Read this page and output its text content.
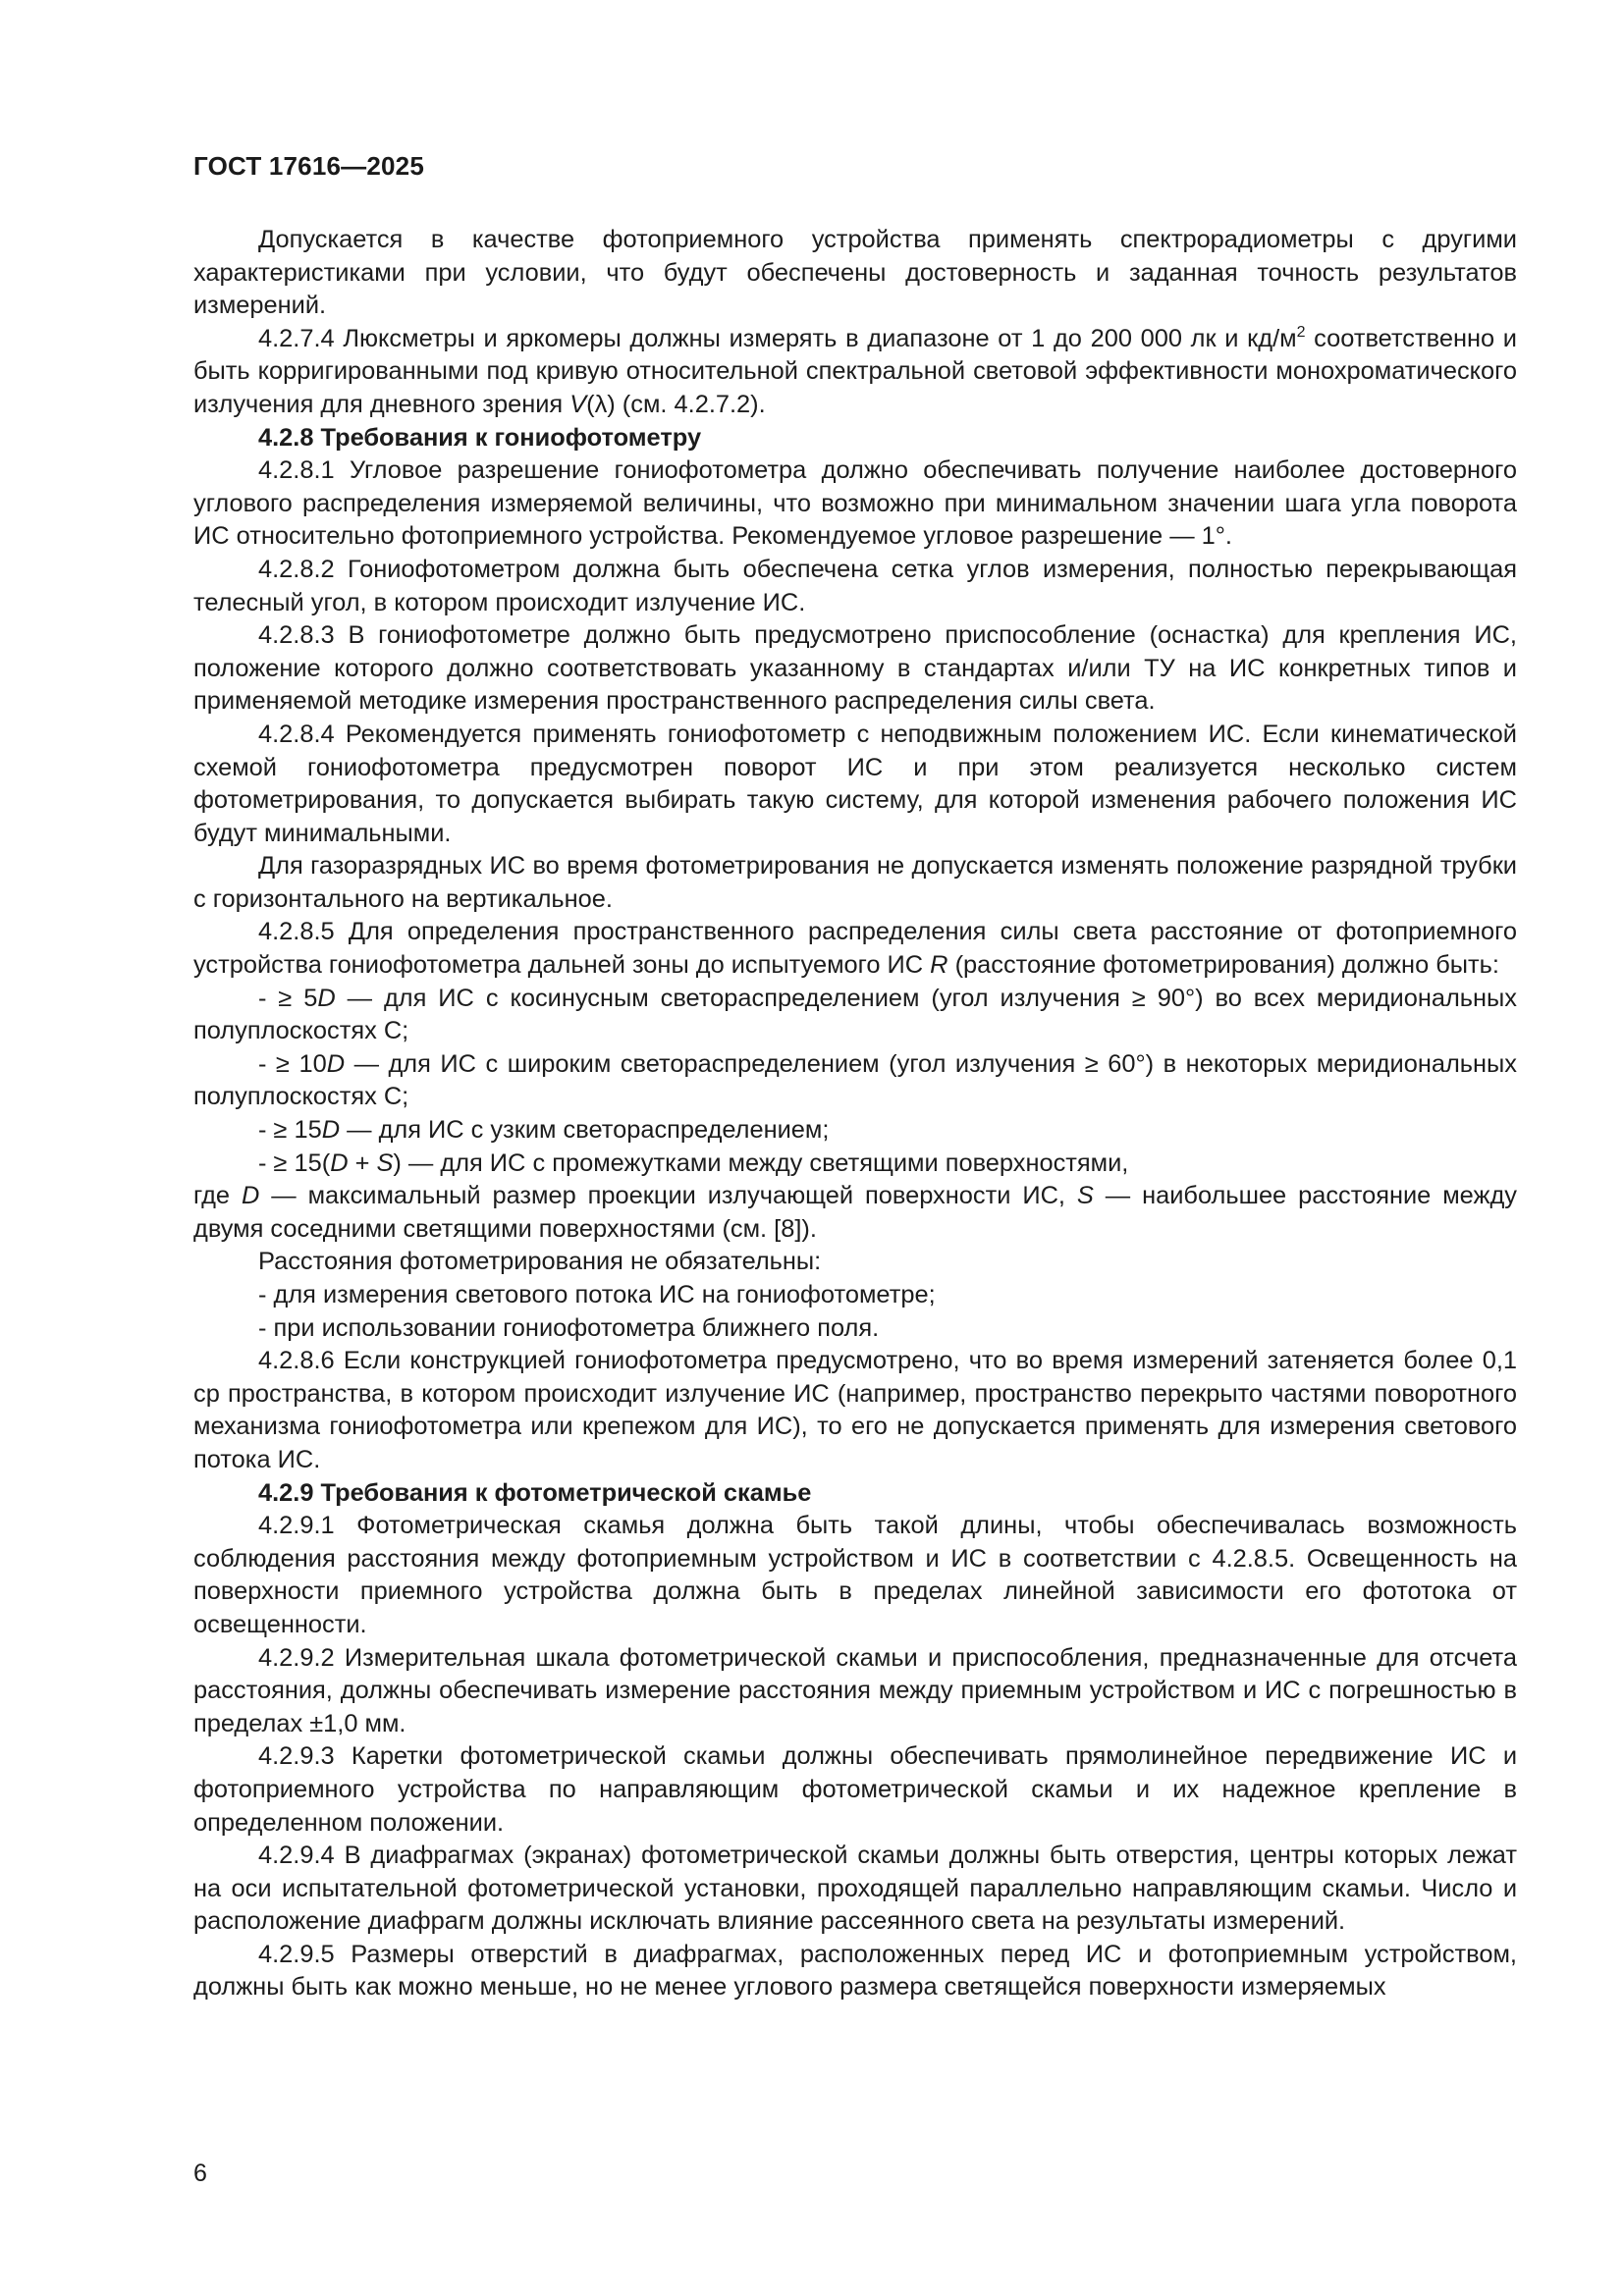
ГОСТ 17616—2025

Допускается в качестве фотоприемного устройства применять спектрорадиометры с другими характеристиками при условии, что будут обеспечены достоверность и заданная точность результатов измерений.

4.2.7.4 Люксметры и яркомеры должны измерять в диапазоне от 1 до 200 000 лк и $кд/м^2$ соответственно и быть корригированными под кривую относительной спектральной световой эффективности монохроматического излучения для дневного зрения V(λ) (см. 4.2.7.2).

4.2.8 Требования к гониофотометру

4.2.8.1 Угловое разрешение гониофотометра должно обеспечивать получение наиболее достоверного углового распределения измеряемой величины, что возможно при минимальном значении шага угла поворота ИС относительно фотоприемного устройства. Рекомендуемое угловое разрешение — 1°.

4.2.8.2 Гониофотометром должна быть обеспечена сетка углов измерения, полностью перекрывающая телесный угол, в котором происходит излучение ИС.

4.2.8.3 В гониофотометре должно быть предусмотрено приспособление (оснастка) для крепления ИС, положение которого должно соответствовать указанному в стандартах и/или ТУ на ИС конкретных типов и применяемой методике измерения пространственного распределения силы света.

4.2.8.4 Рекомендуется применять гониофотометр с неподвижным положением ИС. Если кинематической схемой гониофотометра предусмотрен поворот ИС и при этом реализуется несколько систем фотометрирования, то допускается выбирать такую систему, для которой изменения рабочего положения ИС будут минимальными.

Для газоразрядных ИС во время фотометрирования не допускается изменять положение разрядной трубки с горизонтального на вертикальное.

4.2.8.5 Для определения пространственного распределения силы света расстояние от фотоприемного устройства гониофотометра дальней зоны до испытуемого ИС R (расстояние фотометрирования) должно быть:

- ≥ 5D — для ИС с косинусным светораспределением (угол излучения ≥ 90°) во всех меридиональных полуплоскостях С;

- ≥ 10D — для ИС с широким светораспределением (угол излучения ≥ 60°) в некоторых меридиональных полуплоскостях С;

- ≥ 15D — для ИС с узким светораспределением;

- ≥ 15(D + S) — для ИС с промежутками между светящими поверхностями,

где D — максимальный размер проекции излучающей поверхности ИС, S — наибольшее расстояние между двумя соседними светящими поверхностями (см. [8]).

Расстояния фотометрирования не обязательны:

- для измерения светового потока ИС на гониофотометре;

- при использовании гониофотометра ближнего поля.

4.2.8.6 Если конструкцией гониофотометра предусмотрено, что во время измерений затеняется более 0,1 ср пространства, в котором происходит излучение ИС (например, пространство перекрыто частями поворотного механизма гониофотометра или крепежом для ИС), то его не допускается применять для измерения светового потока ИС.

4.2.9 Требования к фотометрической скамье

4.2.9.1 Фотометрическая скамья должна быть такой длины, чтобы обеспечивалась возможность соблюдения расстояния между фотоприемным устройством и ИС в соответствии с 4.2.8.5. Освещенность на поверхности приемного устройства должна быть в пределах линейной зависимости его фототока от освещенности.

4.2.9.2 Измерительная шкала фотометрической скамьи и приспособления, предназначенные для отсчета расстояния, должны обеспечивать измерение расстояния между приемным устройством и ИС с погрешностью в пределах ±1,0 мм.

4.2.9.3 Каретки фотометрической скамьи должны обеспечивать прямолинейное передвижение ИС и фотоприемного устройства по направляющим фотометрической скамьи и их надежное крепление в определенном положении.

4.2.9.4 В диафрагмах (экранах) фотометрической скамьи должны быть отверстия, центры которых лежат на оси испытательной фотометрической установки, проходящей параллельно направляющим скамьи. Число и расположение диафрагм должны исключать влияние рассеянного света на результаты измерений.

4.2.9.5 Размеры отверстий в диафрагмах, расположенных перед ИС и фотоприемным устройством, должны быть как можно меньше, но не менее углового размера светящейся поверхности измеряемых

6
